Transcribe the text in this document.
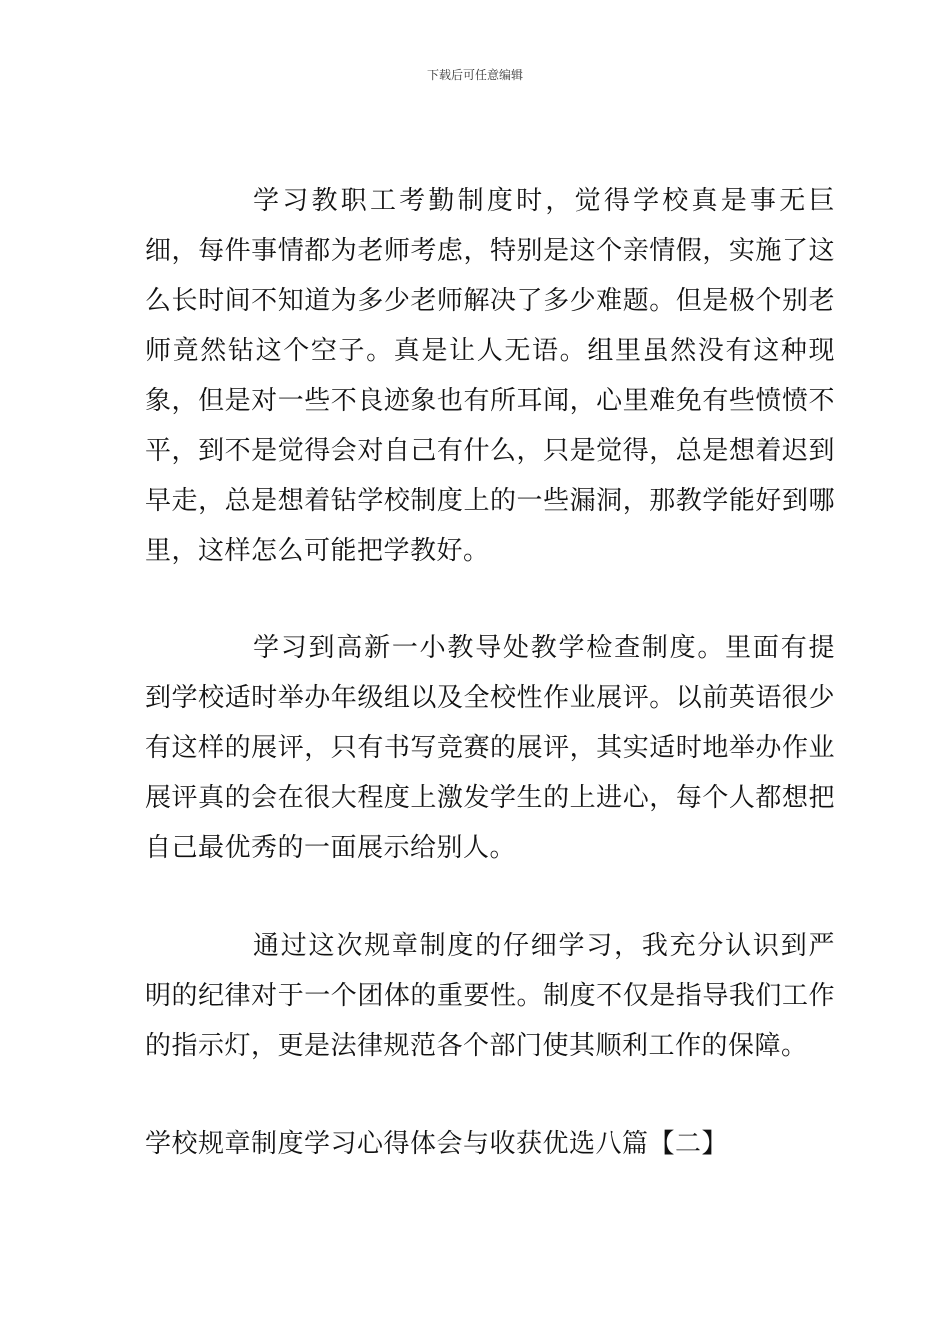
下载后可任意编辑

学习教职工考勤制度时，觉得学校真是事无巨细，每件事情都为老师考虑，特别是这个亲情假，实施了这么长时间不知道为多少老师解决了多少难题。但是极个别老师竟然钻这个空子。真是让人无语。组里虽然没有这种现象，但是对一些不良迹象也有所耳闻，心里难免有些愤愤不平，到不是觉得会对自己有什么，只是觉得，总是想着迟到早走，总是想着钻学校制度上的一些漏洞，那教学能好到哪里，这样怎么可能把学教好。

学习到高新一小教导处教学检查制度。里面有提到学校适时举办年级组以及全校性作业展评。以前英语很少有这样的展评，只有书写竞赛的展评，其实适时地举办作业展评真的会在很大程度上激发学生的上进心，每个人都想把自己最优秀的一面展示给别人。

通过这次规章制度的仔细学习，我充分认识到严明的纪律对于一个团体的重要性。制度不仅是指导我们工作的指示灯，更是法律规范各个部门使其顺利工作的保障。

学校规章制度学习心得体会与收获优选八篇【二】
